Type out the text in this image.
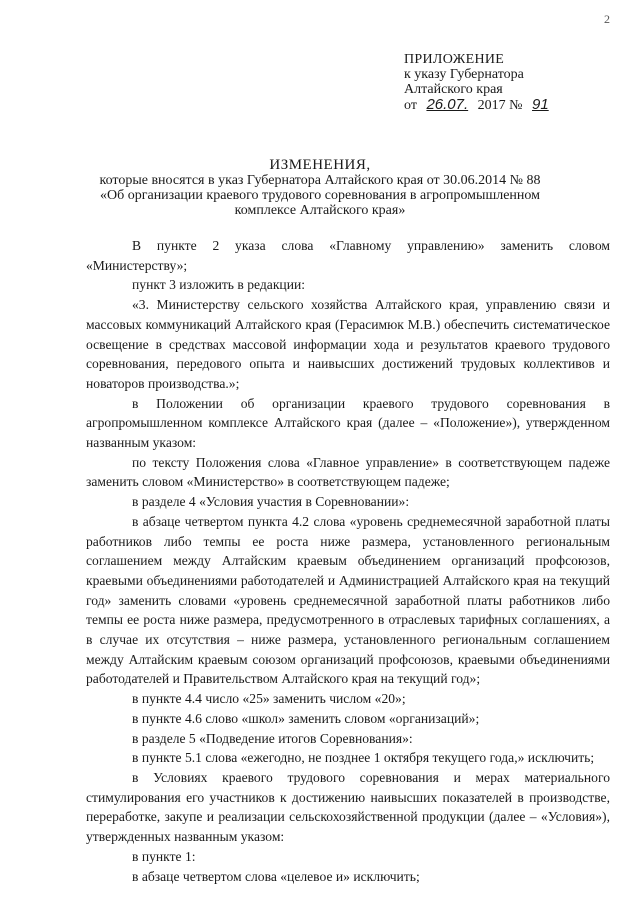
2
ПРИЛОЖЕНИЕ
к указу Губернатора
Алтайского края
от 26.07. 2017 № 91
ИЗМЕНЕНИЯ,
которые вносятся в указ Губернатора Алтайского края от 30.06.2014 № 88
«Об организации краевого трудового соревнования в агропромышленном
комплексе Алтайского края»

В пункте 2 указа слова «Главному управлению» заменить словом «Министерству»;

пункт 3 изложить в редакции:

«3. Министерству сельского хозяйства Алтайского края, управлению связи и массовых коммуникаций Алтайского края (Герасимюк М.В.) обеспечить систематическое освещение в средствах массовой информации хода и результатов краевого трудового соревнования, передового опыта и наивысших достижений трудовых коллективов и новаторов производства.»;

в Положении об организации краевого трудового соревнования в агропромышленном комплексе Алтайского края (далее – «Положение»), утвержденном названным указом:

по тексту Положения слова «Главное управление» в соответствующем падеже заменить словом «Министерство» в соответствующем падеже;

в разделе 4 «Условия участия в Соревновании»:

в абзаце четвертом пункта 4.2 слова «уровень среднемесячной заработной платы работников либо темпы ее роста ниже размера, установленного региональным соглашением между Алтайским краевым объединением организаций профсоюзов, краевыми объединениями работодателей и Администрацией Алтайского края на текущий год» заменить словами «уровень среднемесячной заработной платы работников либо темпы ее роста ниже размера, предусмотренного в отраслевых тарифных соглашениях, а в случае их отсутствия – ниже размера, установленного региональным соглашением между Алтайским краевым союзом организаций профсоюзов, краевыми объединениями работодателей и Правительством Алтайского края на текущий год»;

в пункте 4.4 число «25» заменить числом «20»;

в пункте 4.6 слово «школ» заменить словом «организаций»;

в разделе 5 «Подведение итогов Соревнования»:

в пункте 5.1 слова «ежегодно, не позднее 1 октября текущего года,» исключить;

в Условиях краевого трудового соревнования и мерах материального стимулирования его участников к достижению наивысших показателей в производстве, переработке, закупе и реализации сельскохозяйственной продукции (далее – «Условия»), утвержденных названным указом:

в пункте 1:

в абзаце четвертом слова «целевое и» исключить;
